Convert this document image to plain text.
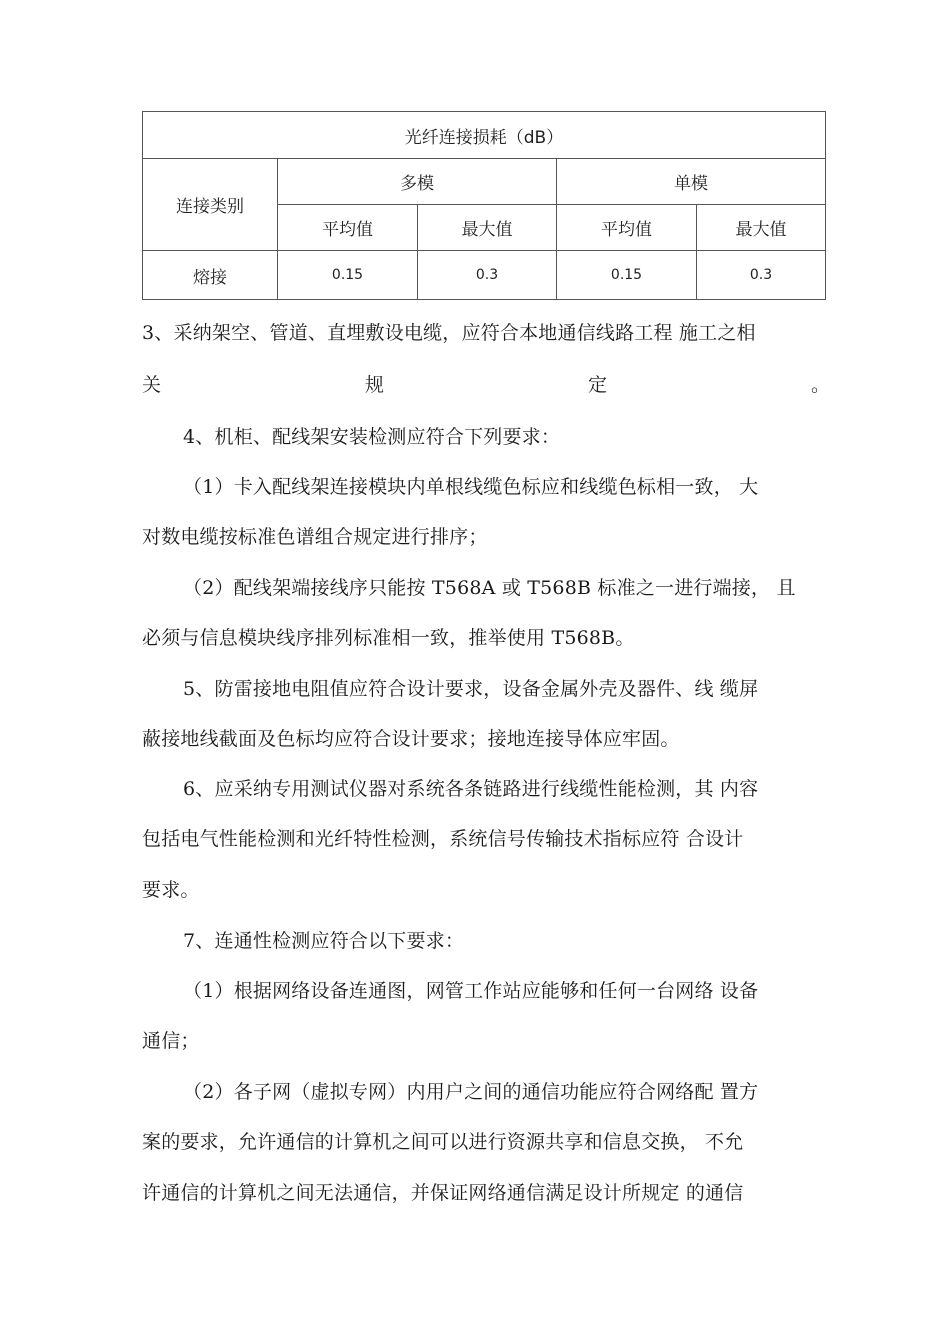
光纤连接损耗（dB）				
连接类别	多模		单模	
	平均值	最大值	平均值	最大值
熔接	0.15	0.3	0.15	0.3

3、采纳架空、管道、直埋敷设电缆，应符合本地通信线路工程 施工之相

关	规	定	。

4、机柜、配线架安装检测应符合下列要求：

（1）卡入配线架连接模块内单根线缆色标应和线缆色标相一致， 大

对数电缆按标准色谱组合规定进行排序；

（2）配线架端接线序只能按 T568A 或 T568B 标准之一进行端接， 且

必须与信息模块线序排列标准相一致，推举使用 T568B。

5、防雷接地电阻值应符合设计要求，设备金属外壳及器件、线 缆屏

蔽接地线截面及色标均应符合设计要求；接地连接导体应牢固。

6、应采纳专用测试仪器对系统各条链路进行线缆性能检测，其 内容

包括电气性能检测和光纤特性检测，系统信号传输技术指标应符 合设计

要求。

7、连通性检测应符合以下要求：

（1）根据网络设备连通图，网管工作站应能够和任何一台网络 设备

通信；

（2）各子网（虚拟专网）内用户之间的通信功能应符合网络配 置方

案的要求，允许通信的计算机之间可以进行资源共享和信息交换， 不允

许通信的计算机之间无法通信，并保证网络通信满足设计所规定 的通信
